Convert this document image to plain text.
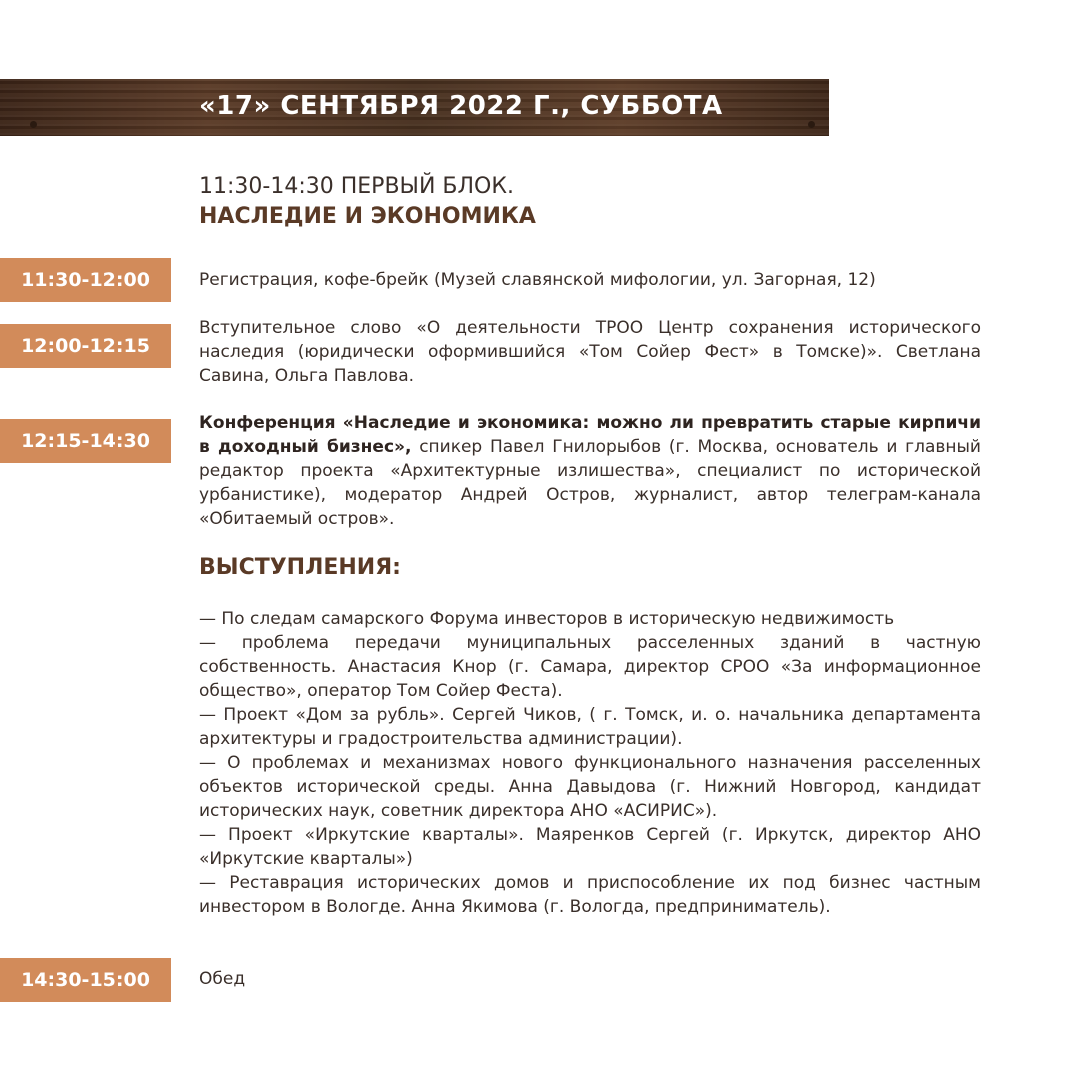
«17» СЕНТЯБРЯ 2022 Г., СУББОТА
11:30-14:30 ПЕРВЫЙ БЛОК.
НАСЛЕДИЕ И ЭКОНОМИКА
11:30-12:00	Регистрация, кофе-брейк (Музей славянской мифологии, ул. Загорная, 12)
12:00-12:15
Вступительное слово «О деятельности ТРОО Центр сохранения исторического наследия (юридически оформившийся «Том Сойер Фест» в Томске)». Светлана Савина, Ольга Павлова.
12:15-14:30
Конференция «Наследие и экономика: можно ли превратить старые кирпичи в доходный бизнес», спикер Павел Гнилорыбов (г. Москва, основатель и главный редактор проекта «Архитектурные излишества», специалист по исторической урбанистике), модератор Андрей Остров, журналист, автор телеграм-канала «Обитаемый остров».
ВЫСТУПЛЕНИЯ:
— По следам самарского Форума инвесторов в историческую недвижимость
— проблема передачи муниципальных расселенных зданий в частную собственность. Анастасия Кнор (г. Самара, директор СРОО «За информационное общество», оператор Том Сойер Феста).
— Проект «Дом за рубль». Сергей Чиков, ( г. Томск, и. о. начальника департамента архитектуры и градостроительства администрации).
— О проблемах и механизмах нового функционального назначения расселенных объектов исторической среды. Анна Давыдова (г. Нижний Новгород, кандидат исторических наук, советник директора АНО «АСИРИС»).
— Проект «Иркутские кварталы». Маяренков Сергей (г. Иркутск, директор АНО «Иркутские кварталы»)
— Реставрация исторических домов и приспособление их под бизнес частным инвестором в Вологде. Анна Якимова (г. Вологда, предприниматель).
14:30-15:00	Обед
